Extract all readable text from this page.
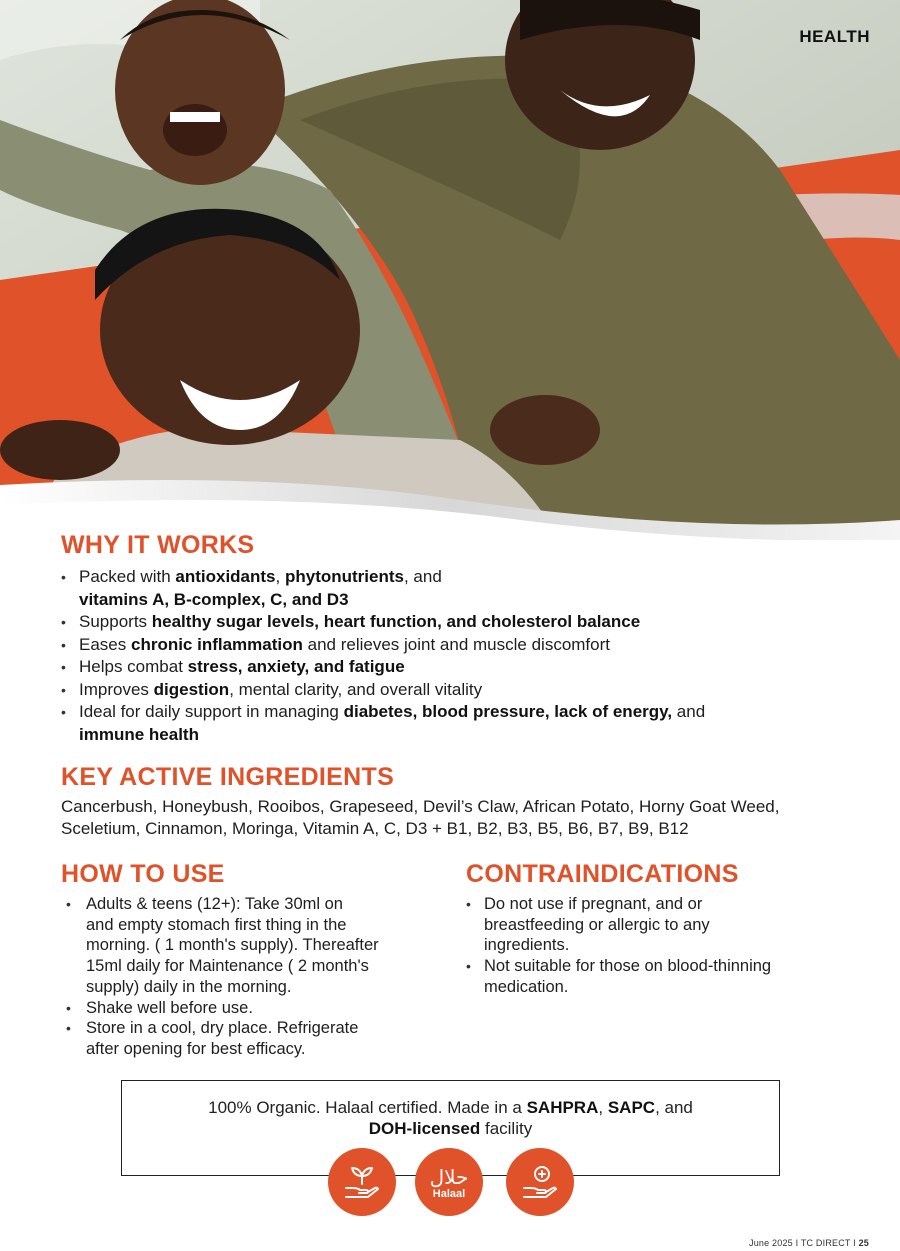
HEALTH
WHY IT WORKS
• Packed with antioxidants, phytonutrients, and
vitamins A, B-complex, C, and D3
• Supports healthy sugar levels, heart function, and cholesterol balance
• Eases chronic inflammation and relieves joint and muscle discomfort
• Helps combat stress, anxiety, and fatigue
• Improves digestion, mental clarity, and overall vitality
• Ideal for daily support in managing diabetes, blood pressure, lack of energy, and
immune health
KEY ACTIVE INGREDIENTS

Cancerbush, Honeybush, Rooibos, Grapeseed, Devil’s Claw, African Potato, Horny Goat Weed, Sceletium, Cinnamon, Moringa, Vitamin A, C, D3 + B1, B2, B3, B5, B6, B7, B9, B12

HOW TO USE
• Adults & teens (12+): Take 30ml on
and empty stomach first thing in the
morning. ( 1 month's supply). Thereafter
15ml daily for Maintenance ( 2 month's
supply) daily in the morning.
• Shake well before use.
• Store in a cool, dry place. Refrigerate
after opening for best efficacy.
CONTRAINDICATIONS
• Do not use if pregnant, and or
breastfeeding or allergic to any
ingredients.
• Not suitable for those on blood-thinning
medication.

100% Organic. Halaal certified. Made in a SAHPRA, SAPC, and
DOH-licensed facility

حلال
Halaal
June 2025 I TC DIRECT I 25
